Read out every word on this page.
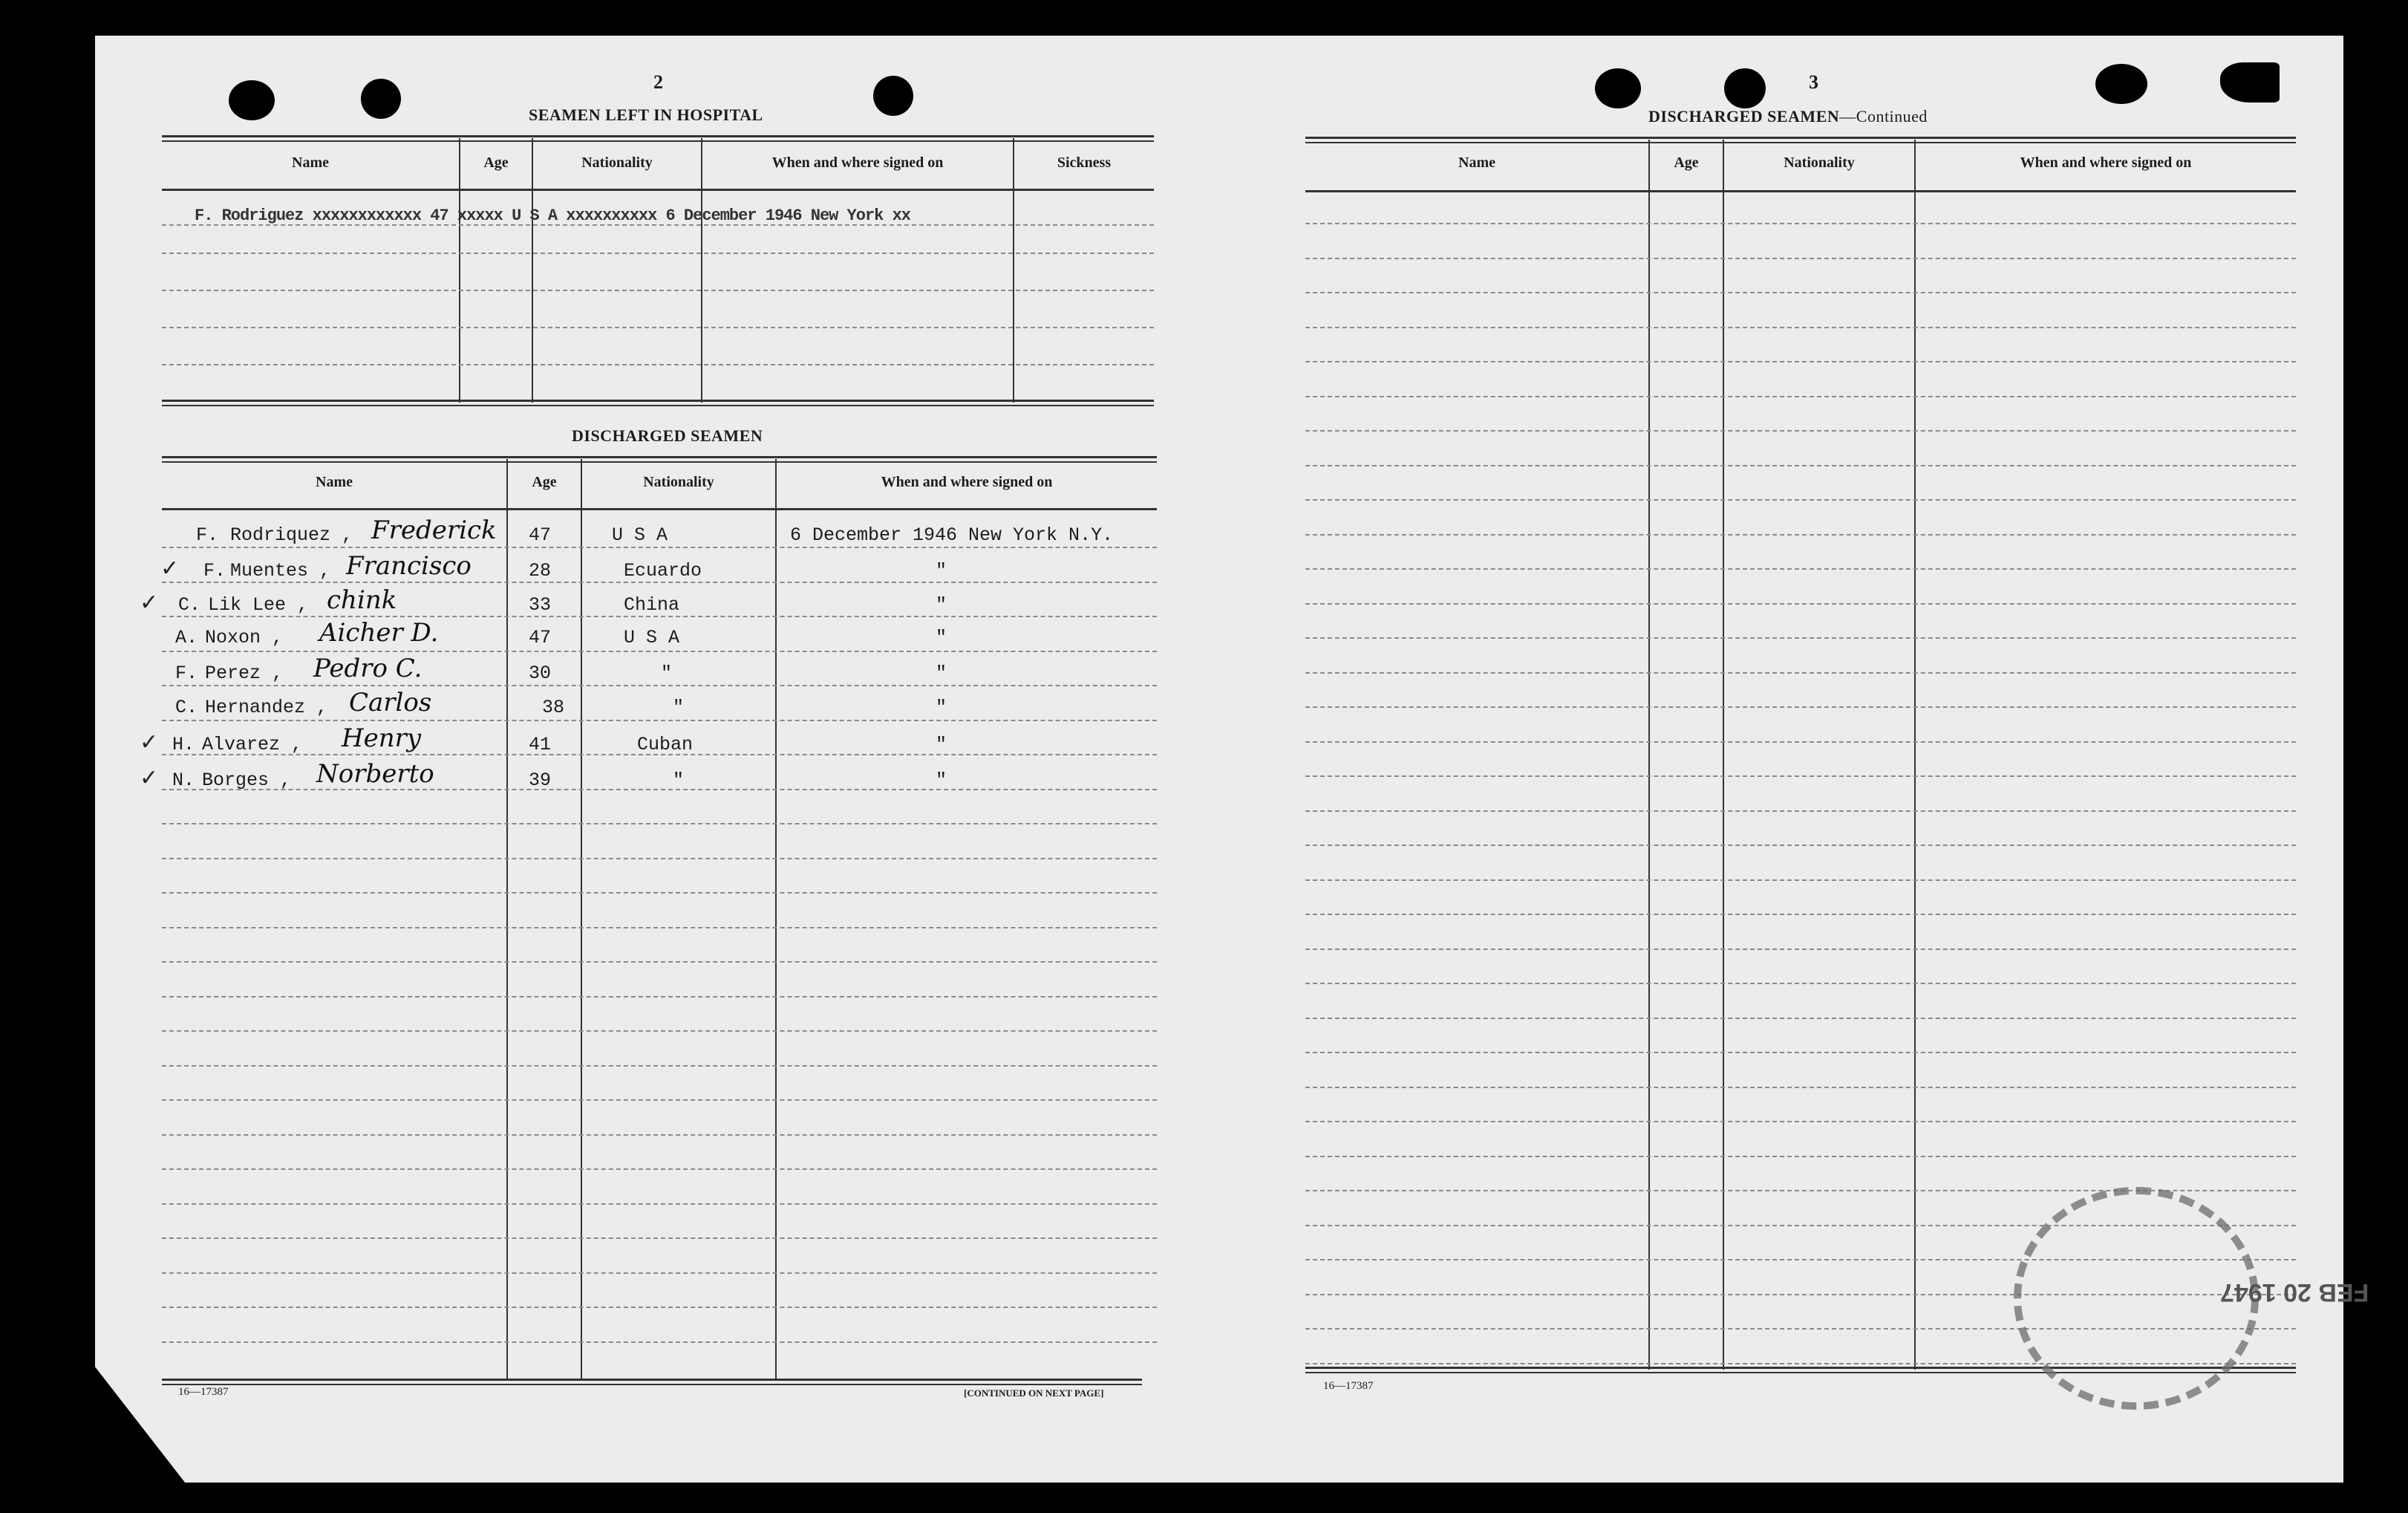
2
SEAMEN LEFT IN HOSPITAL
Name	Age	Nationality	When and where signed on	Sickness
F. Rodriguez xxxxxxxxxxxx 47 xxxxx U S A xxxxxxxxxx 6 December 1946 New York xx
DISCHARGED SEAMEN
Name	Age	Nationality	When and where signed on
F. Rodriquez , Frederick 47	U S A	6 December 1946 New York N.Y.
✓ F. Muentes , Francisco	28	Ecuardo	"
✓ C. Lik Lee , chink	33	China	"
A. Noxon , Aicher D.	47	U S A	"
F. Perez , Pedro C.	30	"	"
C. Hernandez , Carlos	38	"	"
✓ H. Alvarez , Henry	41	Cuban	"
✓ N. Borges , Norberto	39	"	"
16—17387	[CONTINUED ON NEXT PAGE]
3
DISCHARGED SEAMEN—Continued
Name	Age	Nationality	When and where signed on
16—17387
FEB 20 1947
